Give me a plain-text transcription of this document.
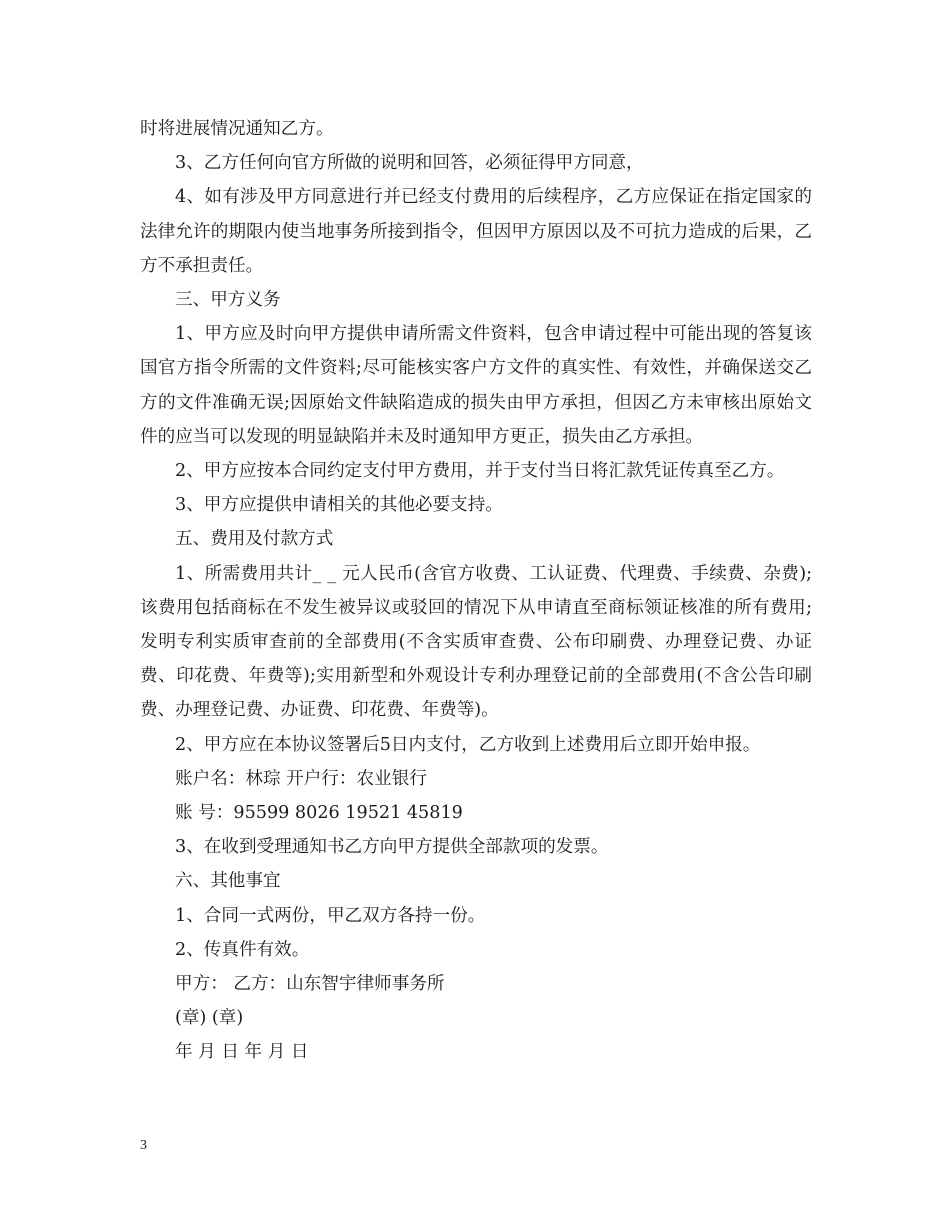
时将进展情况通知乙方。

3、乙方任何向官方所做的说明和回答，必须征得甲方同意，

4、如有涉及甲方同意进行并已经支付费用的后续程序，乙方应保证在指定国家的法律允许的期限内使当地事务所接到指令，但因甲方原因以及不可抗力造成的后果，乙方不承担责任。

三、甲方义务

1、甲方应及时向甲方提供申请所需文件资料，包含申请过程中可能出现的答复该国官方指令所需的文件资料;尽可能核实客户方文件的真实性、有效性，并确保送交乙方的文件准确无误;因原始文件缺陷造成的损失由甲方承担，但因乙方未审核出原始文件的应当可以发现的明显缺陷并未及时通知甲方更正，损失由乙方承担。

2、甲方应按本合同约定支付甲方费用，并于支付当日将汇款凭证传真至乙方。

3、甲方应提供申请相关的其他必要支持。

五、费用及付款方式

1、所需费用共计_ _ 元人民币(含官方收费、工认证费、代理费、手续费、杂费);该费用包括商标在不发生被异议或驳回的情况下从申请直至商标领证核准的所有费用;发明专利实质审查前的全部费用(不含实质审查费、公布印刷费、办理登记费、办证费、印花费、年费等);实用新型和外观设计专利办理登记前的全部费用(不含公告印刷费、办理登记费、办证费、印花费、年费等)。

2、甲方应在本协议签署后5日内支付，乙方收到上述费用后立即开始申报。

账户名：林琮 开户行：农业银行

账 号：95599 8026 19521 45819

3、在收到受理通知书乙方向甲方提供全部款项的发票。

六、其他事宜

1、合同一式两份，甲乙双方各持一份。

2、传真件有效。

甲方： 乙方：山东智宇律师事务所

(章) (章)

年 月 日 年 月 日

3
